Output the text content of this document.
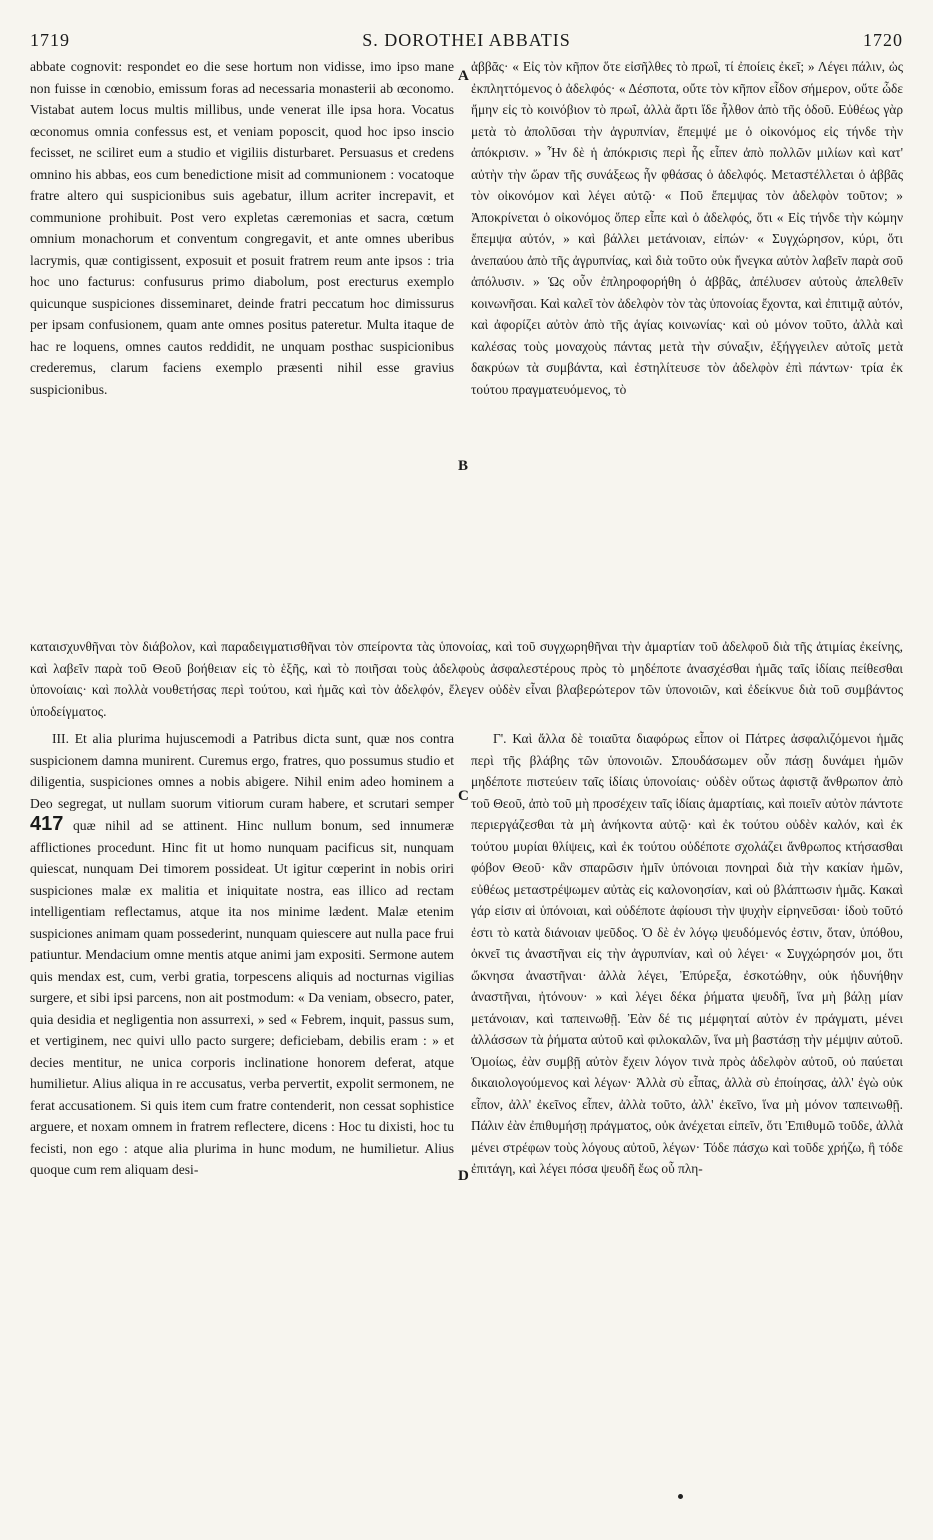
1719	S. DOROTHEI ABBATIS	1720

abbate cognovit: respondet eo die sese hortum non vidisse, imo ipso mane non fuisse in cœnobio, emissum foras ad necessaria monasterii ab œconomo. Vistabat autem locus multis millibus, unde venerat ille ipsa hora. Vocatus œconomus omnia confessus est, et veniam poposcit, quod hoc ipso inscio fecisset, ne sciliret eum a studio et vigiliis disturbaret. Persuasus et credens omnino his abbas, eos cum benedictione misit ad communionem : vocatoque fratre altero qui suspicionibus suis agebatur, illum acriter increpavit, et communione prohibuit. Post vero expletas cæremonias et sacra, cœtum omnium monachorum et conventum congregavit, et ante omnes uberibus lacrymis, quæ contigissent, exposuit et posuit fratrem reum ante ipsos : tria hoc uno facturus: confusurus primo diabolum, post erecturus exemplo quicunque suspiciones disseminaret, deinde fratri peccatum hoc dimissurus per ipsam confusionem, quam ante omnes positus pateretur. Multa itaque de hac re loquens, omnes cautos reddidit, ne unquam posthac suspicionibus crederemus, clarum faciens exemplo præsenti nihil esse gravius suspicionibus.

ἀββᾶς· « Εἰς τὸν κῆπον ὅτε εἰσῆλθες τὸ πρωΐ, τί ἐποίεις ἐκεῖ; » Λέγει πάλιν, ὡς ἐκπληττόμενος ὁ ἀδελφός· « Δέσποτα, οὔτε τὸν κῆπον εἶδον σήμερον, οὔτε ὧδε ἤμην εἰς τὸ κοινόβιον τὸ πρωΐ, ἀλλὰ ἄρτι ἴδε ἦλθον ἀπὸ τῆς ὁδοῦ. Εὐθέως γὰρ μετὰ τὸ ἀπολῦσαι τὴν ἀγρυπνίαν, ἔπεμψέ με ὁ οἰκονόμος εἰς τήνδε τὴν ἀπόκρισιν. » Ἦν δὲ ἡ ἀπόκρισις περὶ ἧς εἶπεν ἀπὸ πολλῶν μιλίων καὶ κατ' αὐτὴν τὴν ὥραν τῆς συνάξεως ἦν φθάσας ὁ ἀδελφός. Μεταστέλλεται ὁ ἀββᾶς τὸν οἰκονόμον καὶ λέγει αὐτῷ· « Ποῦ ἔπεμψας τὸν ἀδελφὸν τοῦτον; » Ἀποκρίνεται ὁ οἰκονόμος ὅπερ εἶπε καὶ ὁ ἀδελφός, ὅτι « Εἰς τήνδε τὴν κώμην ἔπεμψα αὐτόν, » καὶ βάλλει μετάνοιαν, εἰπών· « Συγχώρησον, κύρι, ὅτι ἀνεπαύου ἀπὸ τῆς ἀγρυπνίας, καὶ διὰ τοῦτο οὐκ ἤνεγκα αὐτὸν λαβεῖν παρὰ σοῦ ἀπόλυσιν. » Ὡς οὖν ἐπληροφορήθη ὁ ἀββᾶς, ἀπέλυσεν αὐτοὺς ἀπελθεῖν κοινωνῆσαι. Καὶ καλεῖ τὸν ἀδελφὸν τὸν τὰς ὑπονοίας ἔχοντα, καὶ ἐπιτιμᾷ αὐτόν, καὶ ἀφορίζει αὐτὸν ἀπὸ τῆς ἁγίας κοινωνίας· καὶ οὐ μόνον τοῦτο, ἀλλὰ καὶ καλέσας τοὺς μοναχοὺς πάντας μετὰ τὴν σύναξιν, ἐξήγγειλεν αὐτοῖς μετὰ δακρύων τὰ συμβάντα, καὶ ἐστηλίτευσε τὸν ἀδελφὸν ἐπὶ πάντων· τρία ἐκ τούτου πραγματευόμενος, τὸ

A
B

καταισχυνθῆναι τὸν διάβολον, καὶ παραδειγματισθῆναι τὸν σπείροντα τὰς ὑπονοίας, καὶ τοῦ συγχωρηθῆναι τὴν ἁμαρτίαν τοῦ ἀδελφοῦ διὰ τῆς ἀτιμίας ἐκείνης, καὶ λαβεῖν παρὰ τοῦ Θεοῦ βοήθειαν εἰς τὸ ἑξῆς, καὶ τὸ ποιῆσαι τοὺς ἀδελφοὺς ἀσφαλεστέρους πρὸς τὸ μηδέποτε ἀνασχέσθαι ἡμᾶς ταῖς ἰδίαις πείθεσθαι ὑπονοίαις· καὶ πολλὰ νουθετήσας περὶ τούτου, καὶ ἡμᾶς καὶ τὸν ἀδελφόν, ἔλεγεν οὐδὲν εἶναι βλαβερώτερον τῶν ὑπονοιῶν, καὶ ἐδείκνυε διὰ τοῦ συμβάντος ὑποδείγματος.

III. Et alia plurima hujuscemodi a Patribus dicta sunt, quæ nos contra suspicionem damna munirent. Curemus ergo, fratres, quo possumus studio et diligentia, suspiciones omnes a nobis abigere. Nihil enim adeo hominem a Deo segregat, ut nullam suorum vitiorum curam habere, et scrutari semper 417 quæ nihil ad se attinent. Hinc nullum bonum, sed innumeræ afflictiones procedunt. Hinc fit ut homo nunquam pacificus sit, nunquam quiescat, nunquam Dei timorem possideat. Ut igitur cœperint in nobis oriri suspiciones malæ ex malitia et iniquitate nostra, eas illico ad rectam intelligentiam reflectamus, atque ita nos minime lædent. Malæ etenim suspiciones animam quam possederint, nunquam quiescere aut nulla pace frui patiuntur. Mendacium omne mentis atque animi jam expositi. Sermone autem quis mendax est, cum, verbi gratia, torpescens aliquis ad nocturnas vigilias surgere, et sibi ipsi parcens, non ait postmodum: « Da veniam, obsecro, pater, quia desidia et negligentia non assurrexi, » sed « Febrem, inquit, passus sum, et vertiginem, nec quivi ullo pacto surgere; deficiebam, debilis eram : » et decies mentitur, ne unica corporis inclinatione honorem deferat, atque humilietur. Alius aliqua in re accusatus, verba pervertit, expolit sermonem, ne ferat accusationem. Si quis item cum fratre contenderit, non cessat sophistice arguere, et noxam omnem in fratrem reflectere, dicens : Hoc tu dixisti, hoc tu fecisti, non ego : atque alia plurima in hunc modum, ne humilietur. Alius quoque cum rem aliquam desi-

Γ'. Καὶ ἄλλα δὲ τοιαῦτα διαφόρως εἶπον οἱ Πάτρες ἀσφαλιζόμενοι ἡμᾶς περὶ τῆς βλάβης τῶν ὑπονοιῶν. Σπουδάσωμεν οὖν πάσῃ δυνάμει ἡμῶν μηδέποτε πιστεύειν ταῖς ἰδίαις ὑπονοίαις· οὐδὲν οὕτως ἀφιστᾷ ἄνθρωπον ἀπὸ τοῦ Θεοῦ, ἀπὸ τοῦ μὴ προσέχειν ταῖς ἰδίαις ἁμαρτίαις, καὶ ποιεῖν αὐτὸν πάντοτε περιεργάζεσθαι τὰ μὴ ἀνήκοντα αὐτῷ· καὶ ἐκ τούτου οὐδὲν καλόν, καὶ ἐκ τούτου μυρίαι θλίψεις, καὶ ἐκ τούτου οὐδέποτε σχολάζει ἄνθρωπος κτήσασθαι φόβον Θεοῦ· κἂν σπαρῶσιν ἡμῖν ὑπόνοιαι πονηραὶ διὰ τὴν κακίαν ἡμῶν, εὐθέως μεταστρέψωμεν αὐτὰς εἰς καλονοησίαν, καὶ οὐ βλάπτωσιν ἡμᾶς. Κακαὶ γάρ εἰσιν αἱ ὑπόνοιαι, καὶ οὐδέποτε ἀφίουσι τὴν ψυχὴν εἰρηνεῦσαι· ἰδοὺ τοῦτό ἐστι τὸ κατὰ διάνοιαν ψεῦδος. Ὁ δὲ ἐν λόγῳ ψευδόμενός ἐστιν, ὅταν, ὑπόθου, ὀκνεῖ τις ἀναστῆναι εἰς τὴν ἀγρυπνίαν, καὶ οὐ λέγει· « Συγχώρησόν μοι, ὅτι ὤκνησα ἀναστῆναι· ἀλλὰ λέγει, Ἐπύρεξα, ἐσκοτώθην, οὐκ ἠδυνήθην ἀναστῆναι, ἠτόνουν· » καὶ λέγει δέκα ῥήματα ψευδῆ, ἵνα μὴ βάλῃ μίαν μετάνοιαν, καὶ ταπεινωθῇ. Ἐὰν δέ τις μέμφηταί αὐτὸν ἐν πράγματι, μένει ἀλλάσσων τὰ ῥήματα αὐτοῦ καὶ φιλοκαλῶν, ἵνα μὴ βαστάσῃ τὴν μέμψιν αὐτοῦ. Ὁμοίως, ἐὰν συμβῇ αὐτὸν ἔχειν λόγον τινὰ πρὸς ἀδελφὸν αὐτοῦ, οὐ παύεται δικαιολογούμενος καὶ λέγων· Ἀλλὰ σὺ εἶπας, ἀλλὰ σὺ ἐποίησας, ἀλλ' ἐγὼ οὐκ εἶπον, ἀλλ' ἐκεῖνος εἶπεν, ἀλλὰ τοῦτο, ἀλλ' ἐκεῖνο, ἵνα μὴ μόνον ταπεινωθῇ. Πάλιν ἐὰν ἐπιθυμήσῃ πράγματος, οὐκ ἀνέχεται εἰπεῖν, ὅτι Ἐπιθυμῶ τοῦδε, ἀλλὰ μένει στρέφων τοὺς λόγους αὐτοῦ, λέγων· Τόδε πάσχω καὶ τοῦδε χρήζω, ἢ τόδε ἐπιτάγη, καὶ λέγει πόσα ψευδῆ ἕως οὗ πλη-

C
D
